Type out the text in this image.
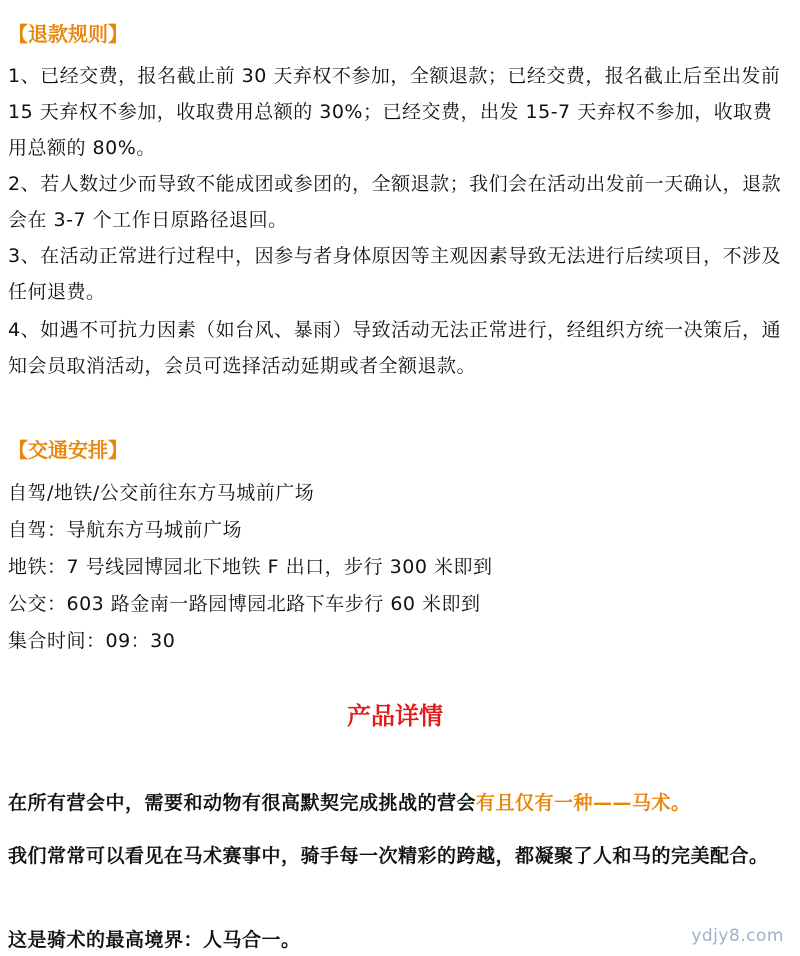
【退款规则】
1、已经交费，报名截止前 30 天弃权不参加，全额退款；已经交费，报名截止后至出发前 15 天弃权不参加，收取费用总额的 30%；已经交费，出发 15-7 天弃权不参加，收取费用总额的 80%。
2、若人数过少而导致不能成团或参团的，全额退款；我们会在活动出发前一天确认，退款会在 3-7 个工作日原路径退回。
3、在活动正常进行过程中，因参与者身体原因等主观因素导致无法进行后续项目，不涉及任何退费。
4、如遇不可抗力因素（如台风、暴雨）导致活动无法正常进行，经组织方统一决策后，通知会员取消活动，会员可选择活动延期或者全额退款。
【交通安排】
自驾/地铁/公交前往东方马城前广场
自驾：导航东方马城前广场
地铁：7 号线园博园北下地铁 F 出口，步行 300 米即到
公交：603 路金南一路园博园北路下车步行 60 米即到
集合时间：09：30
产品详情
在所有营会中，需要和动物有很高默契完成挑战的营会有且仅有一种——马术。
我们常常可以看见在马术赛事中，骑手每一次精彩的跨越，都凝聚了人和马的完美配合。
这是骑术的最高境界：人马合一。	ydjy8.com
